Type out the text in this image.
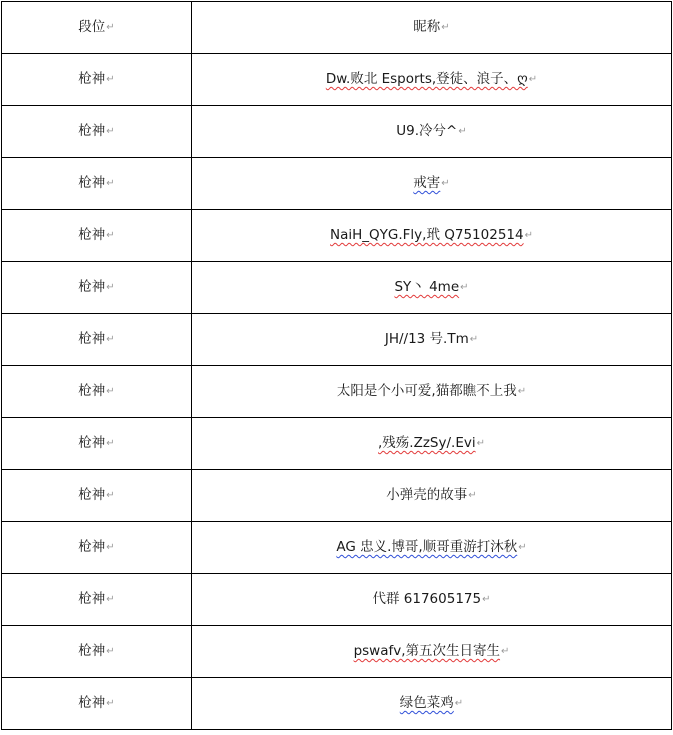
段位↵	昵称↵
枪神↵	Dw.败北 Esports,登徒、浪子、ღ↵
枪神↵	U9.冷兮^↵
枪神↵	戒害↵
枪神↵	NaiH_QYG.Fly,玳 Q75102514↵
枪神↵	SY丶 4me↵
枪神↵	JH//13 号.Tm↵
枪神↵	太阳是个小可爱,猫都瞧不上我↵
枪神↵	,残殇.ZzSy/.Evi↵
枪神↵	小弹壳的故事↵
枪神↵	AG 忠义.博哥,顺哥重游打沐秋↵
枪神↵	代群 617605175↵
枪神↵	pswafv,第五次生日寄生↵
枪神↵	绿色菜鸡↵
